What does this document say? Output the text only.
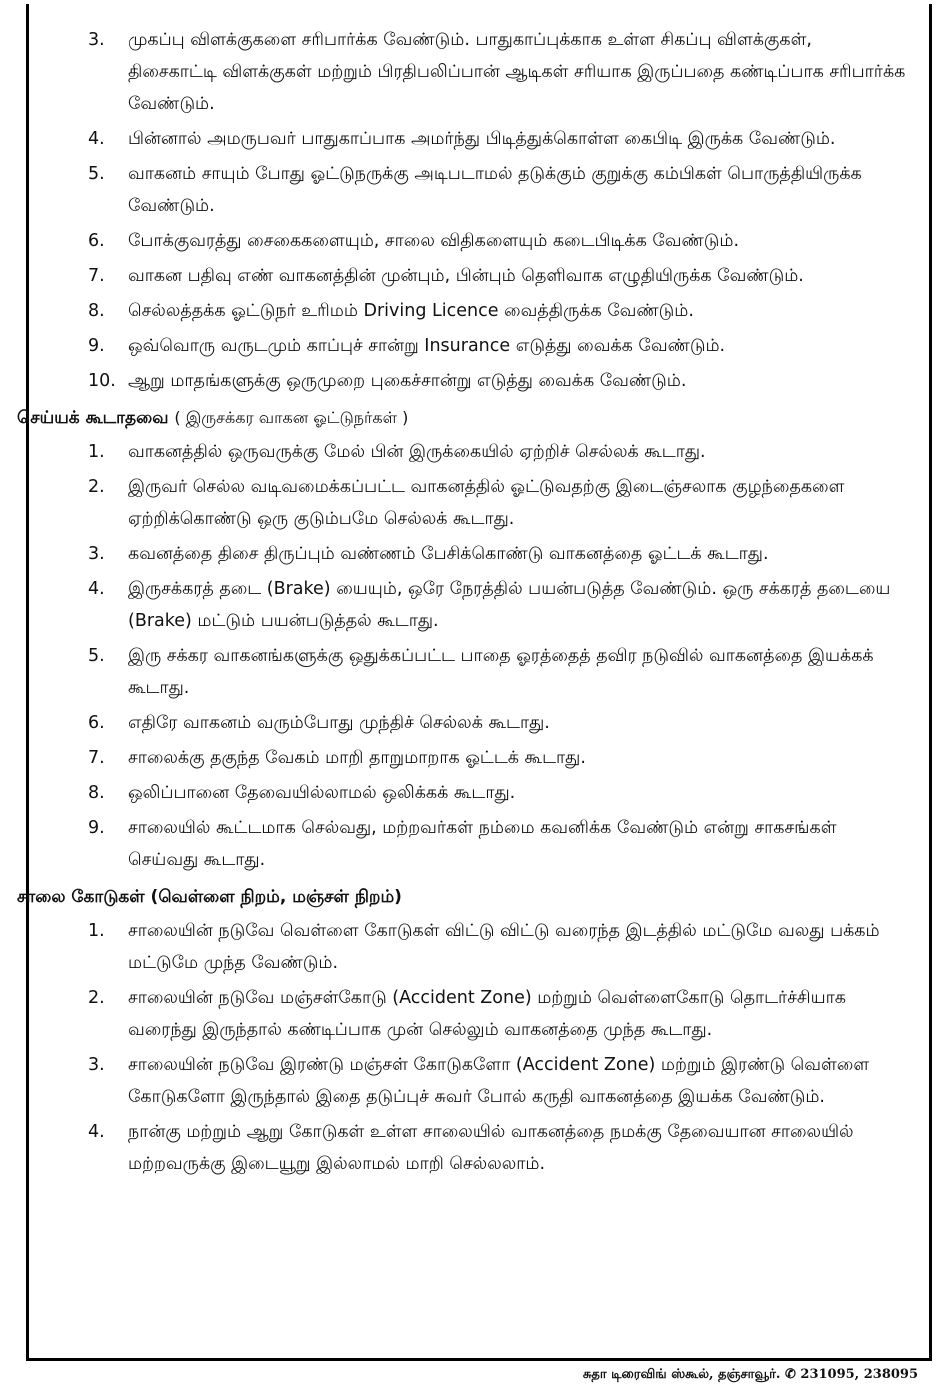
3.	முகப்பு விளக்குகளை சரிபார்க்க வேண்டும். பாதுகாப்புக்காக உள்ள சிகப்பு விளக்குகள், திசைகாட்டி விளக்குகள் மற்றும் பிரதிபலிப்பான் ஆடிகள் சரியாக இருப்பதை கண்டிப்பாக சரிபார்க்க வேண்டும்.
4.	பின்னால் அமருபவர் பாதுகாப்பாக அமர்ந்து பிடித்துக்கொள்ள கைபிடி இருக்க வேண்டும்.
5.	வாகனம் சாயும் போது ஓட்டுநருக்கு அடிபடாமல் தடுக்கும் குறுக்கு கம்பிகள் பொருத்தியிருக்க வேண்டும்.
6.	போக்குவரத்து சைகைகளையும், சாலை விதிகளையும் கடைபிடிக்க வேண்டும்.
7.	வாகன பதிவு எண் வாகனத்தின் முன்பும், பின்பும் தெளிவாக எழுதியிருக்க வேண்டும்.
8.	செல்லத்தக்க ஓட்டுநர் உரிமம் Driving Licence வைத்திருக்க வேண்டும்.
9.	ஒவ்வொரு வருடமும் காப்புச் சான்று Insurance எடுத்து வைக்க வேண்டும்.
10. ஆறு மாதங்களுக்கு ஒருமுறை புகைச்சான்று எடுத்து வைக்க வேண்டும்.
செய்யக் கூடாதவை ( இருசக்கர வாகன ஓட்டுநர்கள் )
1.	வாகனத்தில் ஒருவருக்கு மேல் பின் இருக்கையில் ஏற்றிச் செல்லக் கூடாது.
2.	இருவர் செல்ல வடிவமைக்கப்பட்ட வாகனத்தில் ஓட்டுவதற்கு இடைஞ்சலாக குழந்தைகளை ஏற்றிக்கொண்டு ஒரு குடும்பமே செல்லக் கூடாது.
3.	கவனத்தை திசை திருப்பும் வண்ணம் பேசிக்கொண்டு வாகனத்தை ஓட்டக் கூடாது.
4.	இருசக்கரத் தடை (Brake) யையும், ஒரே நேரத்தில் பயன்படுத்த வேண்டும். ஒரு சக்கரத் தடையை (Brake) மட்டும் பயன்படுத்தல் கூடாது.
5.	இரு சக்கர வாகனங்களுக்கு ஒதுக்கப்பட்ட பாதை ஓரத்தைத் தவிர நடுவில் வாகனத்தை இயக்கக் கூடாது.
6.	எதிரே வாகனம் வரும்போது முந்திச் செல்லக் கூடாது.
7.	சாலைக்கு தகுந்த வேகம் மாறி தாறுமாறாக ஓட்டக் கூடாது.
8.	ஒலிப்பானை தேவையில்லாமல் ஒலிக்கக் கூடாது.
9.	சாலையில் கூட்டமாக செல்வது, மற்றவர்கள் நம்மை கவனிக்க வேண்டும் என்று சாகசங்கள் செய்வது கூடாது.
சாலை கோடுகள் (வெள்ளை நிறம், மஞ்சள் நிறம்)
1.	சாலையின் நடுவே வெள்ளை கோடுகள் விட்டு விட்டு வரைந்த இடத்தில் மட்டுமே வலது பக்கம் மட்டுமே முந்த வேண்டும்.
2.	சாலையின் நடுவே மஞ்சள்கோடு (Accident Zone) மற்றும் வெள்ளைகோடு தொடர்ச்சியாக வரைந்து இருந்தால் கண்டிப்பாக முன் செல்லும் வாகனத்தை முந்த கூடாது.
3.	சாலையின் நடுவே இரண்டு மஞ்சள் கோடுகளோ (Accident Zone) மற்றும் இரண்டு வெள்ளை கோடுகளோ இருந்தால் இதை தடுப்புச் சுவர் போல் கருதி வாகனத்தை இயக்க வேண்டும்.
4.	நான்கு மற்றும் ஆறு கோடுகள் உள்ள சாலையில் வாகனத்தை நமக்கு தேவையான சாலையில் மற்றவருக்கு இடையூறு இல்லாமல் மாறி செல்லலாம்.
சுதா டிரைவிங் ஸ்கூல், தஞ்சாவூர். ✆ 231095, 238095
